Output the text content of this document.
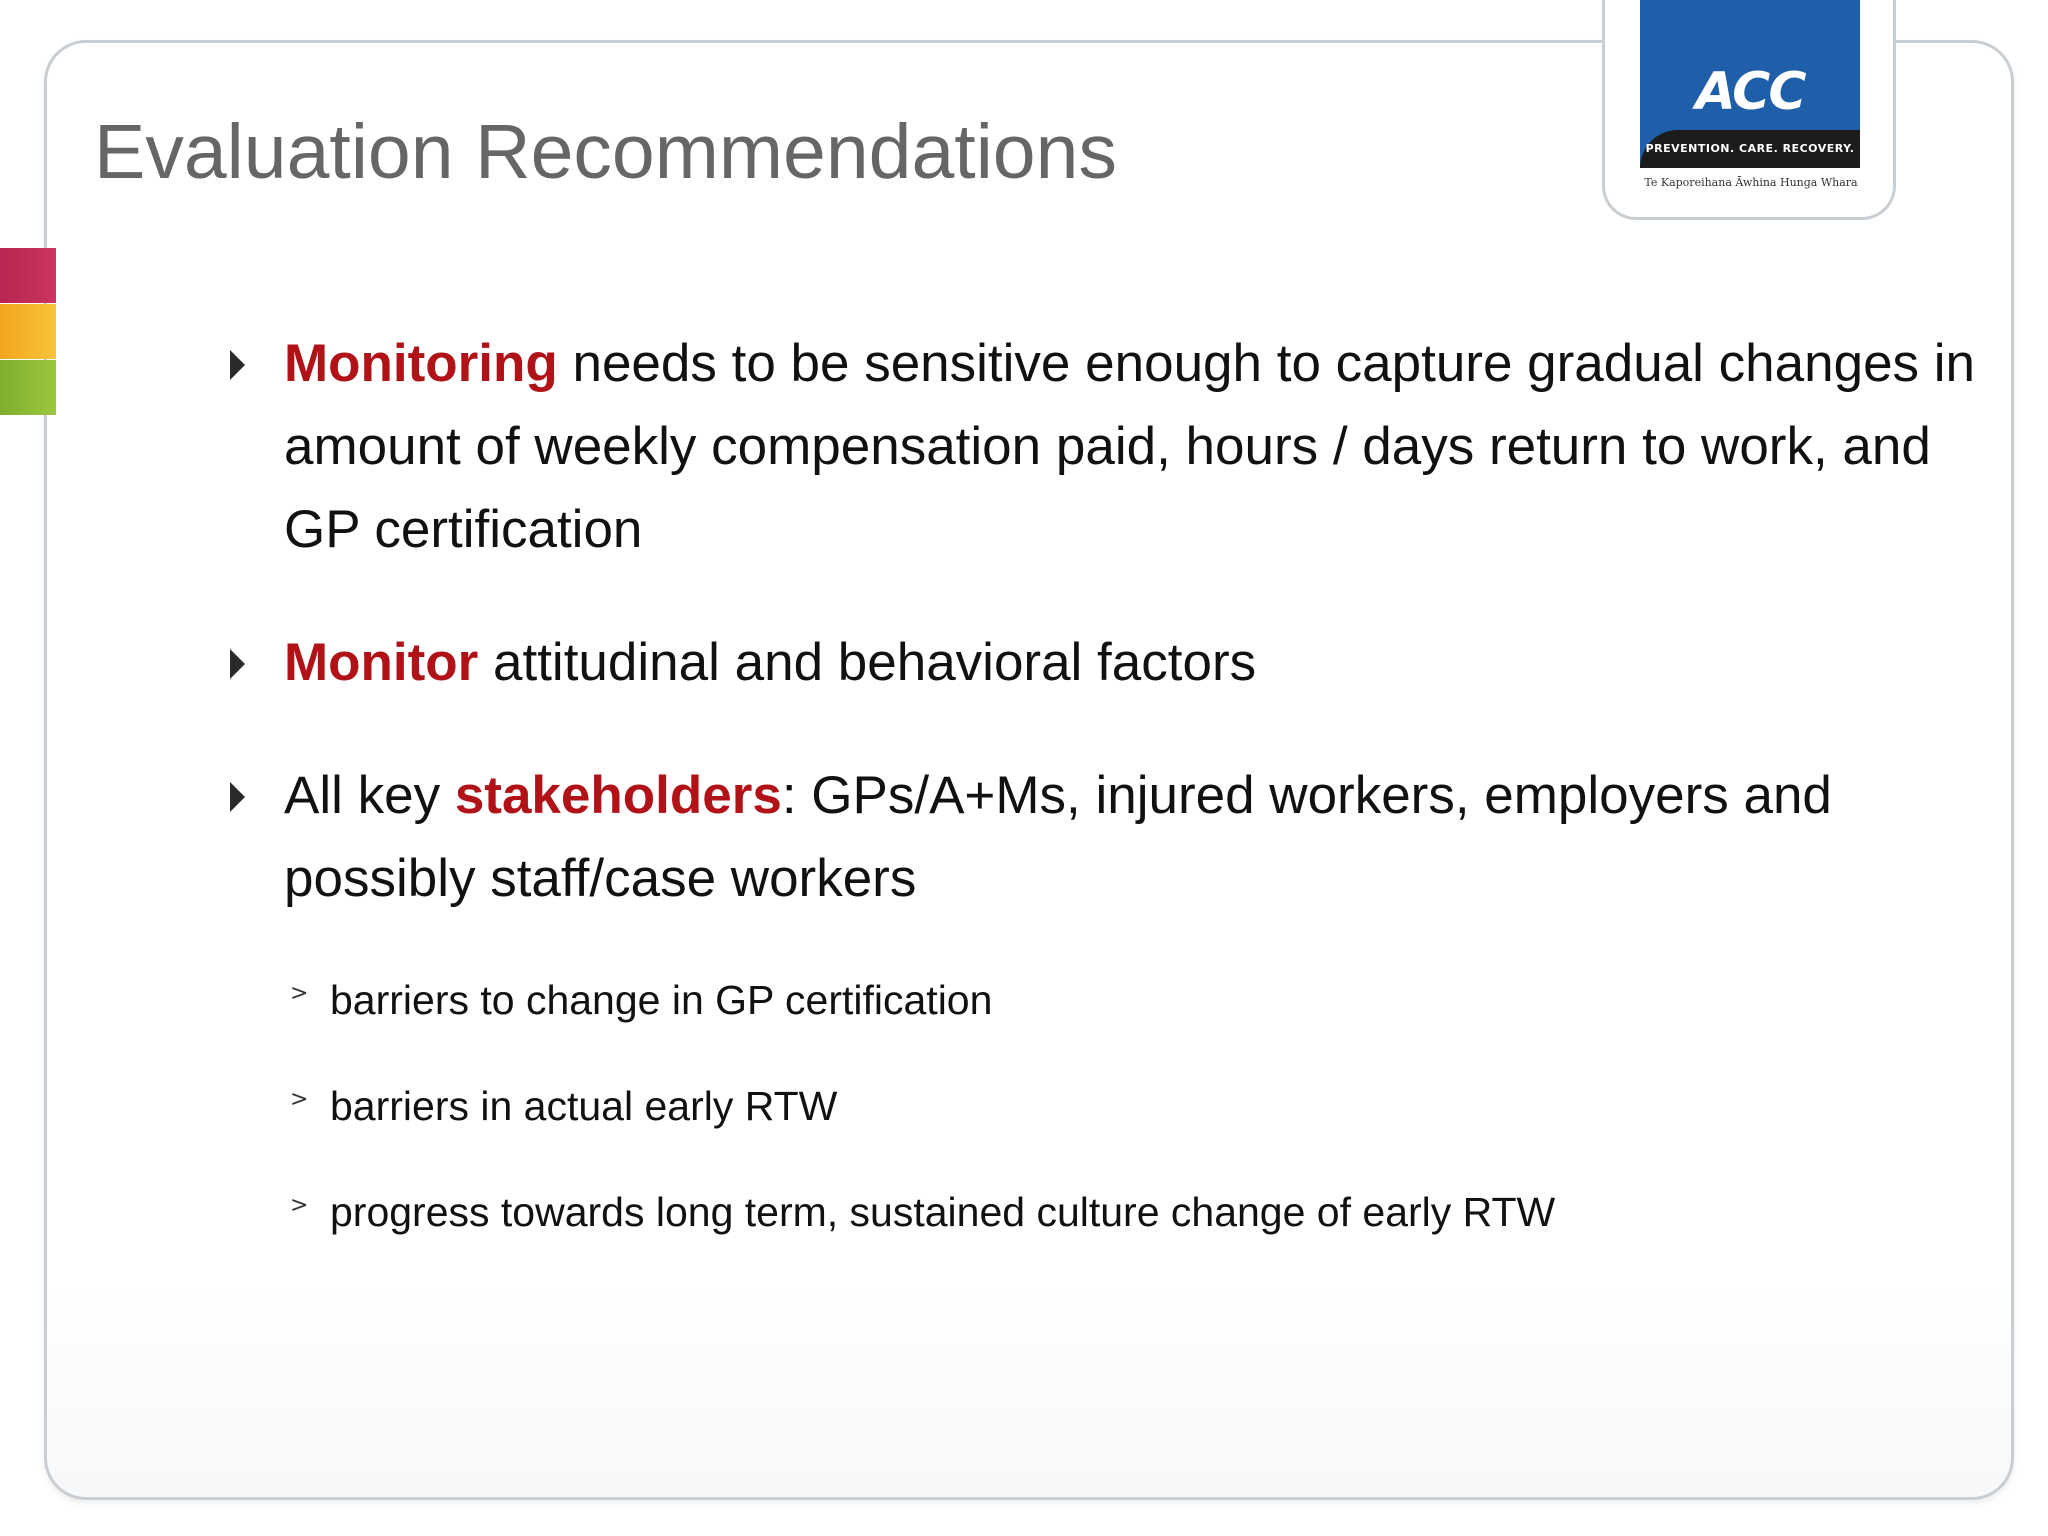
ACC
PREVENTION. CARE. RECOVERY.
Te Kaporeihana Āwhina Hunga Whara
Evaluation Recommendations
Monitoring needs to be sensitive enough to capture gradual changes in amount of weekly compensation paid, hours / days return to work, and GP certification
Monitor attitudinal and behavioral factors
All key stakeholders: GPs/A+Ms, injured workers, employers and possibly staff/case workers
> barriers to change in GP certification
> barriers in actual early RTW
> progress towards long term, sustained culture change of early RTW
